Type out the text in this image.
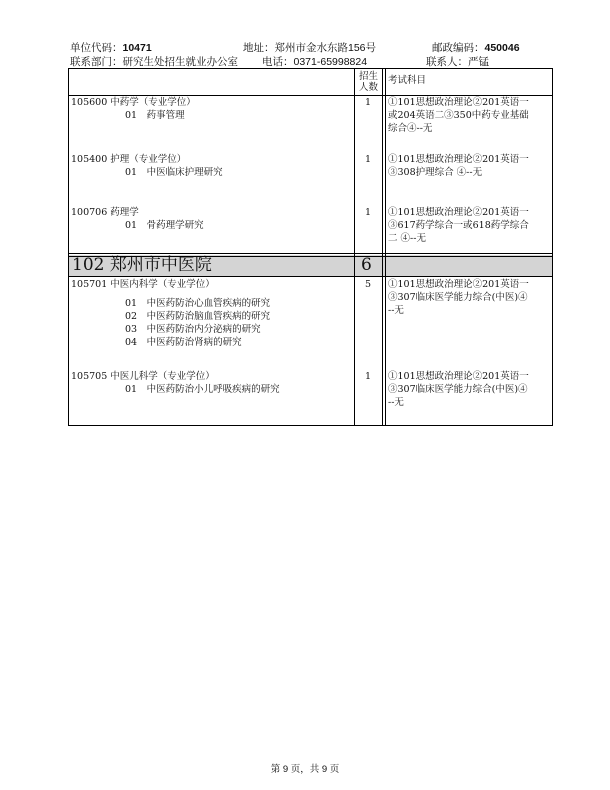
单位代码：10471	地址：郑州市金水东路156号	邮政编码：450046
联系部门：研究生处招生就业办公室 电话：0371-65998824	联系人：严锰
102 郑州市中医院	6
招生
人数
考试科目
105600 中药学（专业学位）
01　药事管理
1 ①101思想政治理论②201英语一
或204英语二③350中药专业基础
综合④--无
105400 护理（专业学位）
01　中医临床护理研究
1 ①101思想政治理论②201英语一
③308护理综合 ④--无
100706 药理学
01　骨药理学研究
1 ①101思想政治理论②201英语一
③617药学综合一或618药学综合
二 ④--无
105701 中医内科学（专业学位）
01　中医药防治心血管疾病的研究
02　中医药防治脑血管疾病的研究
03　中医药防治内分泌病的研究
04　中医药防治肾病的研究
5 ①101思想政治理论②201英语一
③307临床医学能力综合(中医)④
--无
105705 中医儿科学（专业学位）
01　中医药防治小儿呼吸疾病的研究
1 ①101思想政治理论②201英语一
③307临床医学能力综合(中医)④
--无
第 9 页，共 9 页
